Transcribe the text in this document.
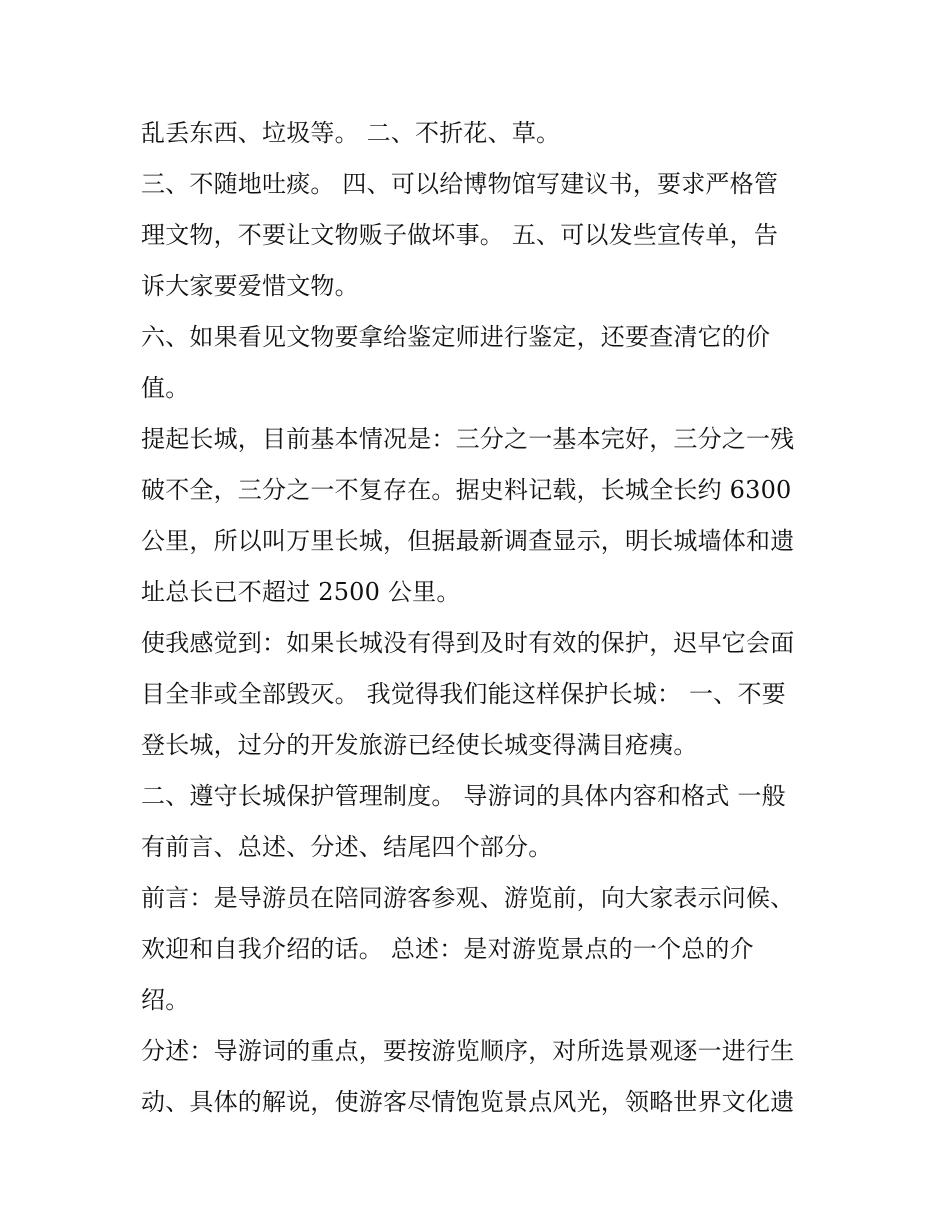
乱丢东西、垃圾等。 二、不折花、草。
三、不随地吐痰。 四、可以给博物馆写建议书，要求严格管
理文物，不要让文物贩子做坏事。 五、可以发些宣传单，告
诉大家要爱惜文物。
六、如果看见文物要拿给鉴定师进行鉴定，还要查清它的价
值。
提起长城，目前基本情况是：三分之一基本完好，三分之一残
破不全，三分之一不复存在。据史料记载，长城全长约 6300
公里，所以叫万里长城，但据最新调查显示，明长城墙体和遗
址总长已不超过 2500 公里。
使我感觉到：如果长城没有得到及时有效的保护，迟早它会面
目全非或全部毁灭。 我觉得我们能这样保护长城： 一、不要
登长城，过分的开发旅游已经使长城变得满目疮痍。
二、遵守长城保护管理制度。 导游词的具体内容和格式 一般
有前言、总述、分述、结尾四个部分。
前言：是导游员在陪同游客参观、游览前，向大家表示问候、
欢迎和自我介绍的话。 总述：是对游览景点的一个总的介
绍。
分述：导游词的重点，要按游览顺序，对所选景观逐一进行生
动、具体的解说，使游客尽情饱览景点风光，领略世界文化遗
